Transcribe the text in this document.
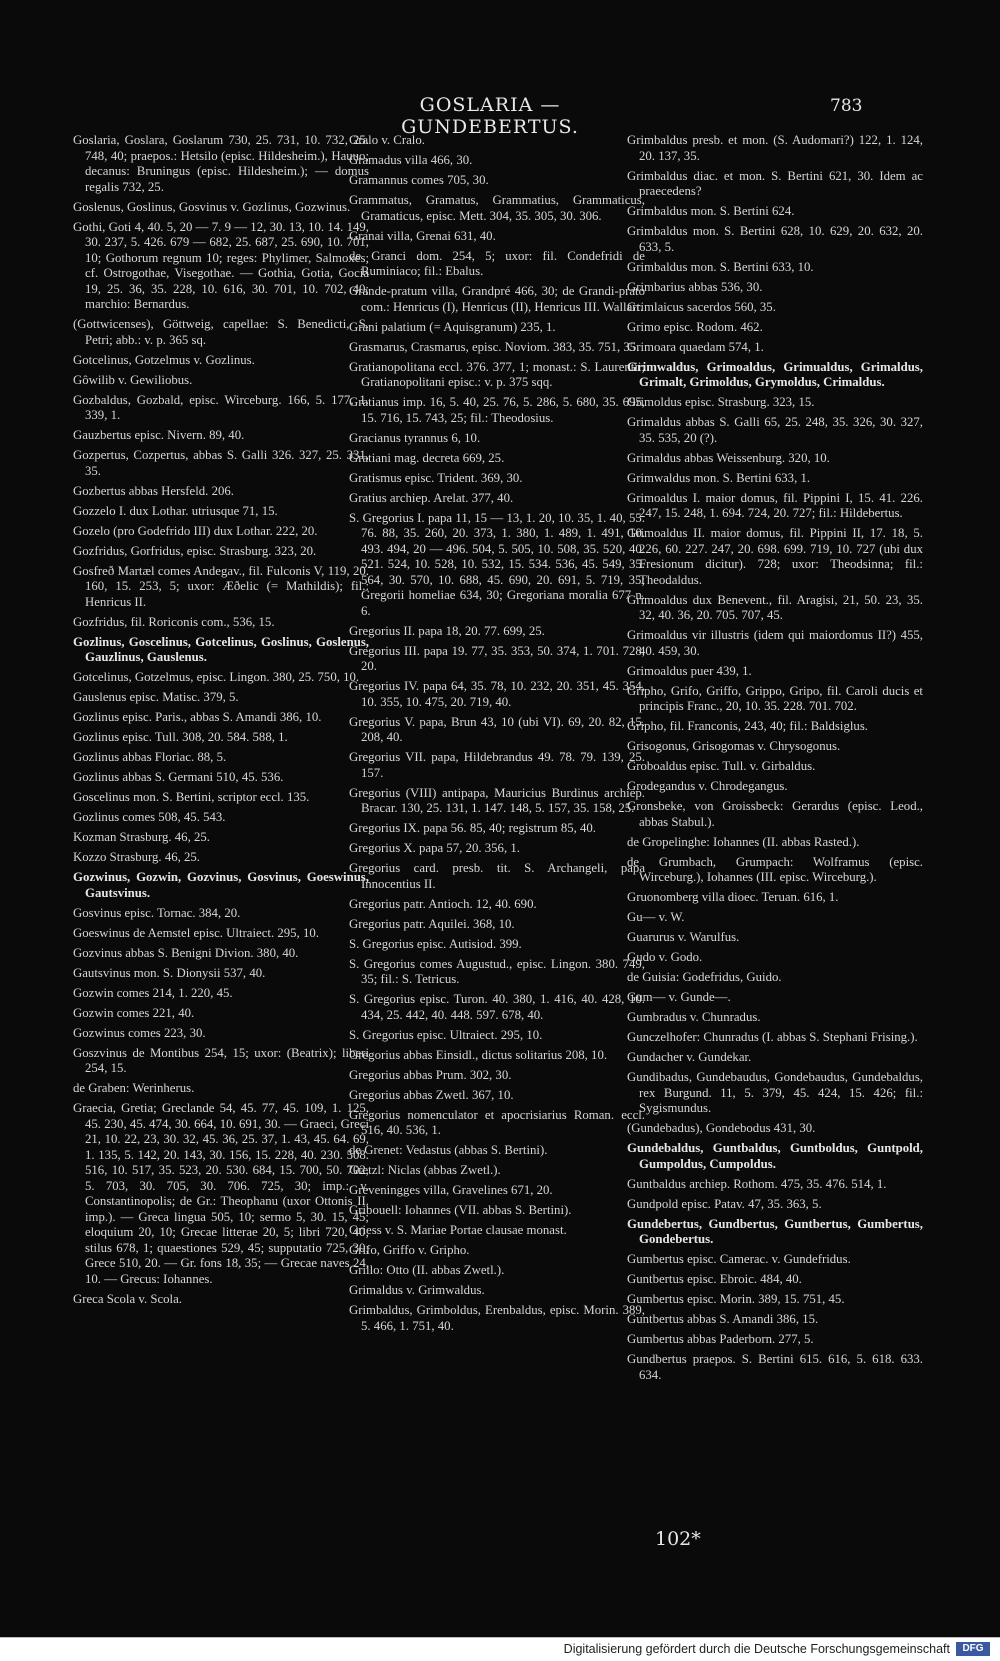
GOSLARIA — GUNDEBERTUS.
783

Goslaria, Goslara, Goslarum 730, 25. 731, 10. 732, 25. 748, 40; praepos.: Hetsilo (episc. Hildesheim.), Hauuo; decanus: Bruningus (episc. Hildesheim.); — domus regalis 732, 25.

Goslenus, Goslinus, Gosvinus v. Gozlinus, Gozwinus.

Gothi, Goti 4, 40. 5, 20 — 7. 9 — 12, 30. 13, 10. 14. 149, 30. 237, 5. 426. 679 — 682, 25. 687, 25. 690, 10. 701, 10; Gothorum regnum 10; reges: Phylimer, Salmoxes; cf. Ostrogothae, Visegothae. — Gothia, Gotia, Gocia 19, 25. 36, 35. 228, 10. 616, 30. 701, 10. 702, 40; marchio: Bernardus.

(Gottwicenses), Göttweig, capellae: S. Benedicti, S. Petri; abb.: v. p. 365 sq.

Gotcelinus, Gotzelmus v. Gozlinus.

Gôwilib v. Gewiliobus.

Gozbaldus, Gozbald, episc. Wirceburg. 166, 5. 177, 1. 339, 1.

Gauzbertus episc. Nivern. 89, 40.

Gozpertus, Cozpertus, abbas S. Galli 326. 327, 25. 331, 35.

Gozbertus abbas Hersfeld. 206.

Gozzelo I. dux Lothar. utriusque 71, 15.

Gozelo (pro Godefrido III) dux Lothar. 222, 20.

Gozfridus, Gorfridus, episc. Strasburg. 323, 20.

Gosfreð Martæl comes Andegav., fil. Fulconis V, 119, 20. 160, 15. 253, 5; uxor: Æðelic (= Mathildis); fil.: Henricus II.

Gozfridus, fil. Roriconis com., 536, 15.

Gozlinus, Goscelinus, Gotcelinus, Goslinus, Goslenus, Gauzlinus, Gauslenus.

Gotcelinus, Gotzelmus, episc. Lingon. 380, 25. 750, 10.

Gauslenus episc. Matisc. 379, 5.

Gozlinus episc. Paris., abbas S. Amandi 386, 10.

Gozlinus episc. Tull. 308, 20. 584. 588, 1.

Gozlinus abbas Floriac. 88, 5.

Gozlinus abbas S. Germani 510, 45. 536.

Goscelinus mon. S. Bertini, scriptor eccl. 135.

Gozlinus comes 508, 45. 543.

Kozman Strasburg. 46, 25.

Kozzo Strasburg. 46, 25.

Gozwinus, Gozwin, Gozvinus, Gosvinus, Goeswinus, Gautsvinus.

Gosvinus episc. Tornac. 384, 20.

Goeswinus de Aemstel episc. Ultraiect. 295, 10.

Gozvinus abbas S. Benigni Divion. 380, 40.

Gautsvinus mon. S. Dionysii 537, 40.

Gozwin comes 214, 1. 220, 45.

Gozwin comes 221, 40.

Gozwinus comes 223, 30.

Goszvinus de Montibus 254, 15; uxor: (Beatrix); liberi 254, 15.

de Graben: Werinherus.

Graecia, Gretia; Greclande 54, 45. 77, 45. 109, 1. 125, 45. 230, 45. 474, 30. 664, 10. 691, 30. — Graeci, Greci 21, 10. 22, 23, 30. 32, 45. 36, 25. 37, 1. 43, 45. 64. 69, 1. 135, 5. 142, 20. 143, 30. 156, 15. 228, 40. 230. 508. 516, 10. 517, 35. 523, 20. 530. 684, 15. 700, 50. 702, 5. 703, 30. 705, 30. 706. 725, 30; imp.: v. Constantinopolis; de Gr.: Theophanu (uxor Ottonis II. imp.). — Greca lingua 505, 10; sermo 5, 30. 15, 45; eloquium 20, 10; Grecae litterae 20, 5; libri 720, 40; stilus 678, 1; quaestiones 529, 45; supputatio 725, 30; Grece 510, 20. — Gr. fons 18, 35; — Grecae naves 24, 10. — Grecus: Iohannes.

Greca Scola v. Scola.

Gralo v. Cralo.

Gramadus villa 466, 30.

Gramannus comes 705, 30.

Grammatus, Gramatus, Grammatius, Grammaticus, Gramaticus, episc. Mett. 304, 35. 305, 30. 306.

Granai villa, Grenai 631, 40.

de Granci dom. 254, 5; uxor: fil. Condefridi de Ruminiaco; fil.: Ebalus.

Grande-pratum villa, Grandpré 466, 30; de Grandi-prato com.: Henricus (I), Henricus (II), Henricus III. Wallart.

Grani palatium (= Aquisgranum) 235, 1.

Grasmarus, Crasmarus, episc. Noviom. 383, 35. 751, 35.

Gratianopolitana eccl. 376. 377, 1; monast.: S. Laurentii; Gratianopolitani episc.: v. p. 375 sqq.

Gratianus imp. 16, 5. 40, 25. 76, 5. 286, 5. 680, 35. 695, 15. 716, 15. 743, 25; fil.: Theodosius.

Gracianus tyrannus 6, 10.

Gratiani mag. decreta 669, 25.

Gratismus episc. Trident. 369, 30.

Gratius archiep. Arelat. 377, 40.

S. Gregorius I. papa 11, 15 — 13, 1. 20, 10. 35, 1. 40, 55. 76. 88, 35. 260, 20. 373, 1. 380, 1. 489, 1. 491, 10. 493. 494, 20 — 496. 504, 5. 505, 10. 508, 35. 520, 40. 521. 524, 10. 528, 10. 532, 15. 534. 536, 45. 549, 35. 564, 30. 570, 10. 688, 45. 690, 20. 691, 5. 719, 35; Gregorii homeliae 634, 30; Gregoriana moralia 677 n. 6.

Gregorius II. papa 18, 20. 77. 699, 25.

Gregorius III. papa 19. 77, 35. 353, 50. 374, 1. 701. 728, 20.

Gregorius IV. papa 64, 35. 78, 10. 232, 20. 351, 45. 354, 10. 355, 10. 475, 20. 719, 40.

Gregorius V. papa, Brun 43, 10 (ubi VI). 69, 20. 82, 15. 208, 40.

Gregorius VII. papa, Hildebrandus 49. 78. 79. 139, 25. 157.

Gregorius (VIII) antipapa, Mauricius Burdinus archiep. Bracar. 130, 25. 131, 1. 147. 148, 5. 157, 35. 158, 25.

Gregorius IX. papa 56. 85, 40; registrum 85, 40.

Gregorius X. papa 57, 20. 356, 1.

Gregorius card. presb. tit. S. Archangeli, papa Innocentius II.

Gregorius patr. Antioch. 12, 40. 690.

Gregorius patr. Aquilei. 368, 10.

S. Gregorius episc. Autisiod. 399.

S. Gregorius comes Augustud., episc. Lingon. 380. 749, 35; fil.: S. Tetricus.

S. Gregorius episc. Turon. 40. 380, 1. 416, 40. 428, 10. 434, 25. 442, 40. 448. 597. 678, 40.

S. Gregorius episc. Ultraiect. 295, 10.

Gregorius abbas Einsidl., dictus solitarius 208, 10.

Gregorius abbas Prum. 302, 30.

Gregorius abbas Zwetl. 367, 10.

Gregorius nomenculator et apocrisiarius Roman. eccl. 516, 40. 536, 1.

de Grenet: Vedastus (abbas S. Bertini).

Gretzl: Niclas (abbas Zwetl.).

Greveningges villa, Gravelines 671, 20.

Gribouell: Iohannes (VII. abbas S. Bertini).

Griess v. S. Mariae Portae clausae monast.

Grifo, Griffo v. Gripho.

Grillo: Otto (II. abbas Zwetl.).

Grimaldus v. Grimwaldus.

Grimbaldus, Grimboldus, Erenbaldus, episc. Morin. 389, 5. 466, 1. 751, 40.

Grimbaldus presb. et mon. (S. Audomari?) 122, 1. 124, 20. 137, 35.

Grimbaldus diac. et mon. S. Bertini 621, 30. Idem ac praecedens?

Grimbaldus mon. S. Bertini 624.

Grimbaldus mon. S. Bertini 628, 10. 629, 20. 632, 20. 633, 5.

Grimbaldus mon. S. Bertini 633, 10.

Grimbarius abbas 536, 30.

Grimlaicus sacerdos 560, 35.

Grimo episc. Rodom. 462.

Grimoara quaedam 574, 1.

Grimwaldus, Grimoaldus, Grimualdus, Grimaldus, Grimalt, Grimoldus, Grymoldus, Crimaldus.

Grimoldus episc. Strasburg. 323, 15.

Grimaldus abbas S. Galli 65, 25. 248, 35. 326, 30. 327, 35. 535, 20 (?).

Grimaldus abbas Weissenburg. 320, 10.

Grimwaldus mon. S. Bertini 633, 1.

Grimoaldus I. maior domus, fil. Pippini I, 15. 41. 226. 247, 15. 248, 1. 694. 724, 20. 727; fil.: Hildebertus.

Grimoaldus II. maior domus, fil. Pippini II, 17. 18, 5. 226, 60. 227. 247, 20. 698. 699. 719, 10. 727 (ubi dux Fresionum dicitur). 728; uxor: Theodsinna; fil.: Theodaldus.

Grimoaldus dux Benevent., fil. Aragisi, 21, 50. 23, 35. 32, 40. 36, 20. 705. 707, 45.

Grimoaldus vir illustris (idem qui maiordomus II?) 455, 40. 459, 30.

Grimoaldus puer 439, 1.

Gripho, Grifo, Griffo, Grippo, Gripo, fil. Caroli ducis et principis Franc., 20, 10. 35. 228. 701. 702.

Gripho, fil. Franconis, 243, 40; fil.: Baldsiglus.

Grisogonus, Grisogomas v. Chrysogonus.

Groboaldus episc. Tull. v. Girbaldus.

Grodegandus v. Chrodegangus.

Gronsbeke, von Groissbeck: Gerardus (episc. Leod., abbas Stabul.).

de Gropelinghe: Iohannes (II. abbas Rasted.).

de Grumbach, Grumpach: Wolframus (episc. Wirceburg.), Iohannes (III. episc. Wirceburg.).

Gruonomberg villa dioec. Teruan. 616, 1.

Gu— v. W.

Guarurus v. Warulfus.

Gudo v. Godo.

de Guisia: Godefridus, Guido.

Gum— v. Gunde—.

Gumbradus v. Chunradus.

Gunczelhofer: Chunradus (I. abbas S. Stephani Frising.).

Gundacher v. Gundekar.

Gundibadus, Gundebaudus, Gondebaudus, Gundebaldus, rex Burgund. 11, 5. 379, 45. 424, 15. 426; fil.: Sygismundus.

(Gundebadus), Gondebodus 431, 30.

Gundebaldus, Guntbaldus, Guntboldus, Guntpold, Gumpoldus, Cumpoldus.

Guntbaldus archiep. Rothom. 475, 35. 476. 514, 1.

Gundpold episc. Patav. 47, 35. 363, 5.

Gundebertus, Gundbertus, Guntbertus, Gumbertus, Gondebertus.

Gumbertus episc. Camerac. v. Gundefridus.

Guntbertus episc. Ebroic. 484, 40.

Gumbertus episc. Morin. 389, 15. 751, 45.

Guntbertus abbas S. Amandi 386, 15.

Gumbertus abbas Paderborn. 277, 5.

Gundbertus praepos. S. Bertini 615. 616, 5. 618. 633. 634.

102*
Digitalisierung gefördert durch die Deutsche Forschungsgemeinschaft	DFG
